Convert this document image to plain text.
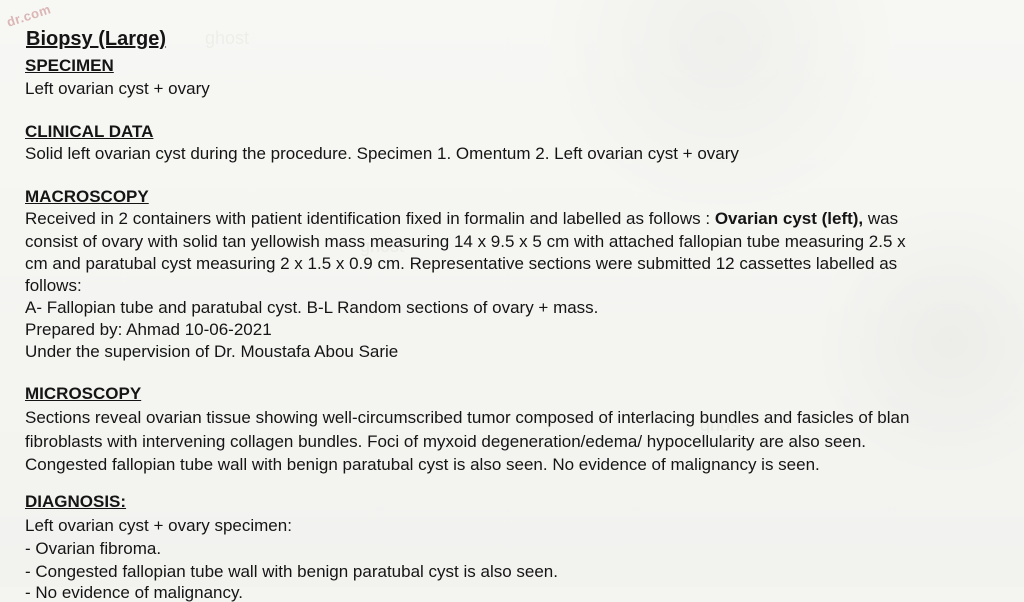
dr.com
Biopsy (Large)
SPECIMEN
Left ovarian cyst + ovary
CLINICAL DATA
Solid left ovarian cyst during the procedure. Specimen 1. Omentum 2. Left ovarian cyst + ovary
MACROSCOPY
Received in 2 containers with patient identification fixed in formalin and labelled as follows : Ovarian cyst (left), was
consist of ovary with solid tan yellowish mass measuring 14 x 9.5 x 5 cm with attached fallopian tube measuring 2.5 x
cm and paratubal cyst measuring 2 x 1.5 x 0.9 cm. Representative sections were submitted 12 cassettes labelled as
follows:
A- Fallopian tube and paratubal cyst. B-L Random sections of ovary + mass.
Prepared by: Ahmad 10-06-2021
Under the supervision of Dr. Moustafa Abou Sarie
MICROSCOPY
Sections reveal ovarian tissue showing well-circumscribed tumor composed of interlacing bundles and fasicles of blan
fibroblasts with intervening collagen bundles. Foci of myxoid degeneration/edema/ hypocellularity are also seen.
Congested fallopian tube wall with benign paratubal cyst is also seen. No evidence of malignancy is seen.
DIAGNOSIS:
Left ovarian cyst + ovary specimen:
- Ovarian fibroma.
- Congested fallopian tube wall with benign paratubal cyst is also seen.
- No evidence of malignancy.
